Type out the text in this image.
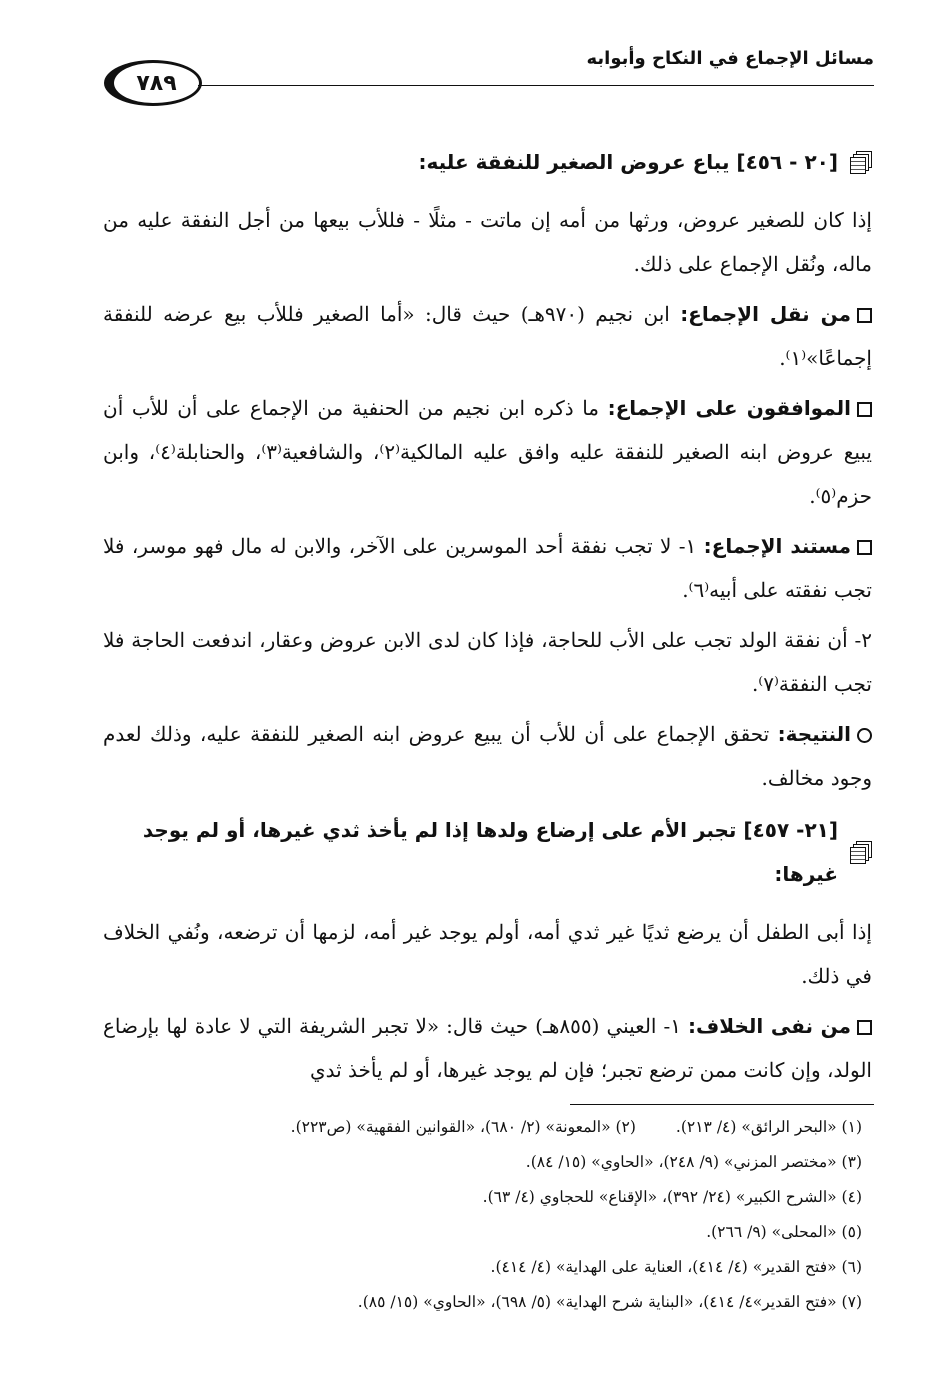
مسائل الإجماع في النكاح وأبوابه
٧٨٩
[٢٠ - ٤٥٦] يباع عروض الصغير للنفقة عليه:

إذا كان للصغير عروض، ورثها من أمه إن ماتت - مثلًا - فللأب بيعها من أجل النفقة عليه من ماله، ونُقل الإجماع على ذلك.

من نقل الإجماع: ابن نجيم (٩٧٠هـ) حيث قال: «أما الصغير فللأب بيع عرضه للنفقة إجماعًا»⁽١⁾.

الموافقون على الإجماع: ما ذكره ابن نجيم من الحنفية من الإجماع على أن للأب أن يبيع عروض ابنه الصغير للنفقة عليه وافق عليه المالكية⁽٢⁾، والشافعية⁽٣⁾، والحنابلة⁽٤⁾، وابن حزم⁽٥⁾.

مستند الإجماع: ١- لا تجب نفقة أحد الموسرين على الآخر، والابن له مال فهو موسر، فلا تجب نفقته على أبيه⁽٦⁾.

٢- أن نفقة الولد تجب على الأب للحاجة، فإذا كان لدى الابن عروض وعقار، اندفعت الحاجة فلا تجب النفقة⁽٧⁾.

النتيجة: تحقق الإجماع على أن للأب أن يبيع عروض ابنه الصغير للنفقة عليه، وذلك لعدم وجود مخالف.

[٢١- ٤٥٧] تجبر الأم على إرضاع ولدها إذا لم يأخذ ثدي غيرها، أو لم يوجد غيرها:

إذا أبى الطفل أن يرضع ثديًا غير ثدي أمه، أولم يوجد غير أمه، لزمها أن ترضعه، ونُفي الخلاف في ذلك.

من نفى الخلاف: ١- العيني (٨٥٥هـ) حيث قال: «لا تجبر الشريفة التي لا عادة لها بإرضاع الولد، وإن كانت ممن ترضع تجبر؛ فإن لم يوجد غيرها، أو لم يأخذ ثدي

(١) «البحر الرائق» (٤/ ٢١٣).(٢) «المعونة» (٢/ ٦٨٠)، «القوانين الفقهية» (ص٢٢٣).

(٣) «مختصر المزني» (٩/ ٢٤٨)، «الحاوي» (١٥/ ٨٤).

(٤) «الشرح الكبير» (٢٤/ ٣٩٢)، «الإقناع» للحجاوي (٤/ ٦٣).

(٥) «المحلى» (٩/ ٢٦٦).

(٦) «فتح القدير» (٤/ ٤١٤)، العناية على الهداية» (٤/ ٤١٤).

(٧) «فتح القدير»٤/ ٤١٤)، «البناية شرح الهداية» (٥/ ٦٩٨)، «الحاوي» (١٥/ ٨٥).
